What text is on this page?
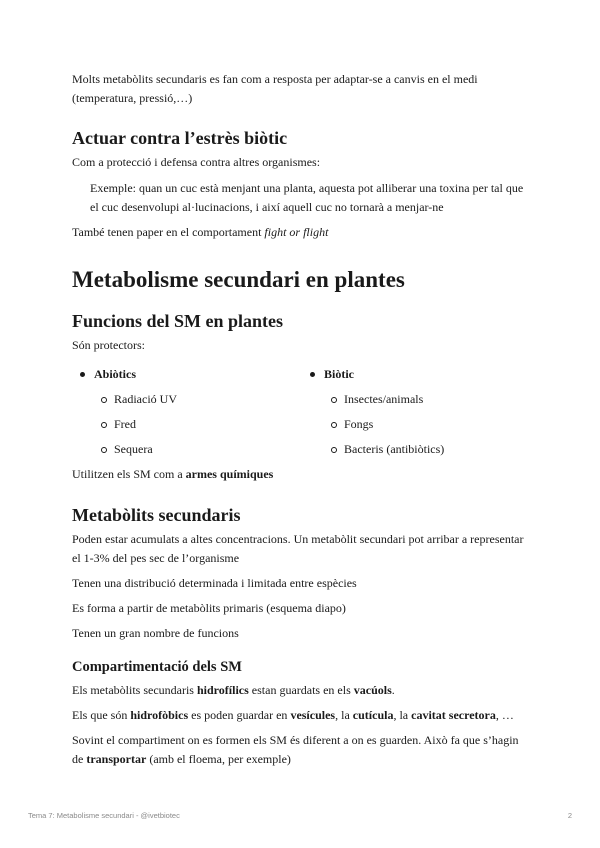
Molts metabòlits secundaris es fan com a resposta per adaptar-se a canvis en el medi

(temperatura, pressió,…)

Actuar contra l’estrès biòtic

Com a protecció i defensa contra altres organismes:

Exemple: quan un cuc està menjant una planta, aquesta pot alliberar una toxina per tal que

el cuc desenvolupi al·lucinacions, i així aquell cuc no tornarà a menjar-ne

També tenen paper en el comportament fight or flight

Metabolisme secundari en plantes
Funcions del SM en plantes

Són protectors:

Abiòtics
Radiació UV
Fred
Sequera
Biòtic
Insectes/animals
Fongs
Bacteris (antibiòtics)

Utilitzen els SM com a armes químiques

Metabòlits secundaris

Poden estar acumulats a altes concentracions. Un metabòlit secundari pot arribar a representar

el 1-3% del pes sec de l’organisme

Tenen una distribució determinada i limitada entre espècies

Es forma a partir de metabòlits primaris (esquema diapo)

Tenen un gran nombre de funcions

Compartimentació dels SM

Els metabòlits secundaris hidrofílics estan guardats en els vacúols.

Els que són hidrofòbics es poden guardar en vesícules, la cutícula, la cavitat secretora, …

Sovint el compartiment on es formen els SM és diferent a on es guarden. Això fa que s’hagin

de transportar (amb el floema, per exemple)

Tema 7: Metabolisme secundari - @ivetbiotec	2
